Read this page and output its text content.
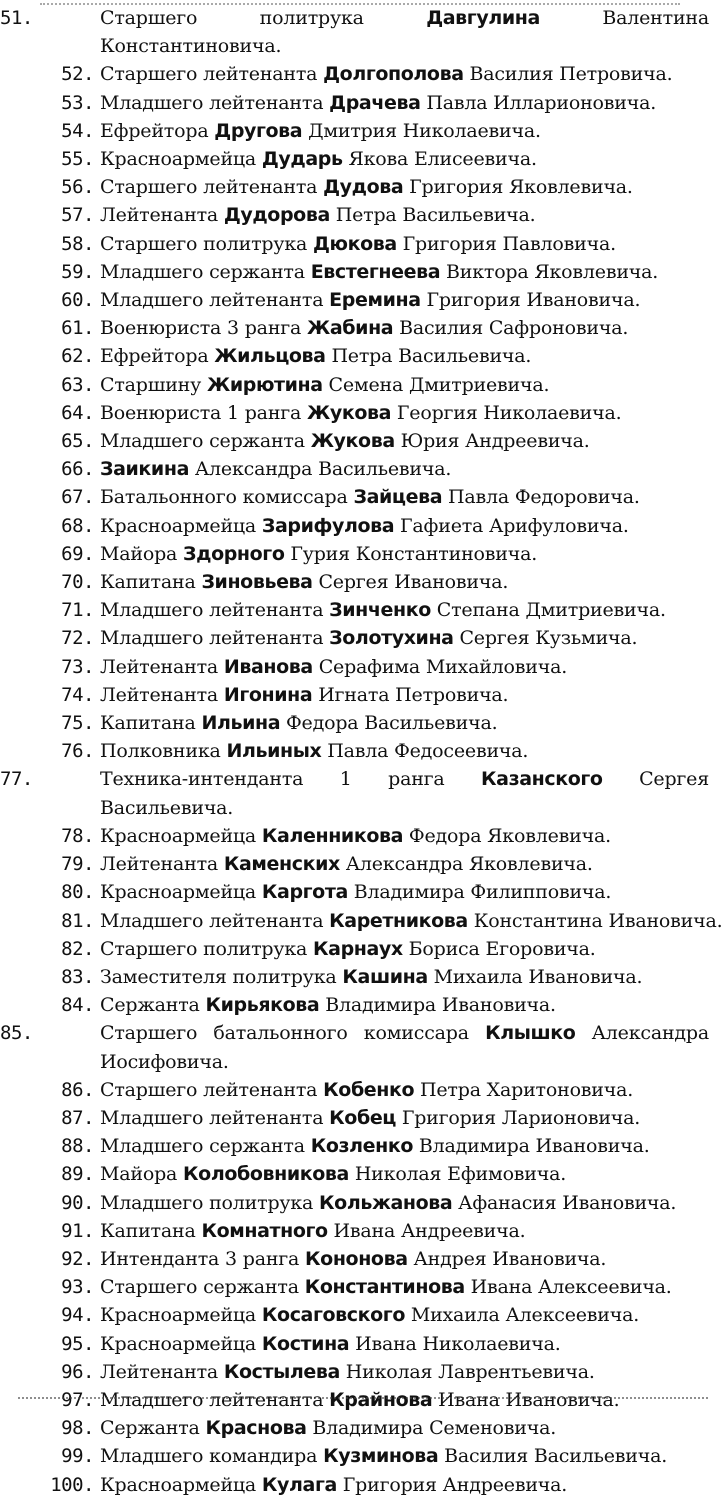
51.	Старшего политрука	Давгулина	Валентина Константиновича.
52. Старшего лейтенанта Долгополова Василия Петровича.
53. Младшего лейтенанта Драчева Павла Илларионовича.
54. Ефрейтора Другова Дмитрия Николаевича.
55. Красноармейца Дударь Якова Елисеевича.
56. Старшего лейтенанта Дудова Григория Яковлевича.
57. Лейтенанта Дудорова Петра Васильевича.
58. Старшего политрука Дюкова Григория Павловича.
59. Младшего сержанта Евстегнеева Виктора Яковлевича.
60. Младшего лейтенанта Еремина Григория Ивановича.
61. Военюриста 3 ранга Жабина Василия Сафроновича.
62. Ефрейтора Жильцова Петра Васильевича.
63. Старшину Жирютина Семена Дмитриевича.
64. Военюриста 1 ранга Жукова Георгия Николаевича.
65. Младшего сержанта Жукова Юрия Андреевича.
66. Заикина Александра Васильевича.
67. Батальонного комиссара Зайцева Павла Федоровича.
68. Красноармейца Зарифулова Гафиета Арифуловича.
69. Майора Здорного Гурия Константиновича.
70. Капитана Зиновьева Сергея Ивановича.
71. Младшего лейтенанта Зинченко Степана Дмитриевича.
72. Младшего лейтенанта Золотухина Сергея Кузьмича.
73. Лейтенанта Иванова Серафима Михайловича.
74. Лейтенанта Игонина Игната Петровича.
75. Капитана Ильина Федора Васильевича.
76. Полковника Ильиных Павла Федосеевича.
77.	Техника-интенданта 1 ранга Казанского Сергея Васильевича.
78. Красноармейца Каленникова Федора Яковлевича.
79. Лейтенанта Каменских Александра Яковлевича.
80. Красноармейца Каргота Владимира Филипповича.
81. Младшего лейтенанта Каретникова Константина Ивановича.
82. Старшего политрука Карнаух Бориса Егоровича.
83. Заместителя политрука Кашина Михаила Ивановича.
84. Сержанта Кирьякова Владимира Ивановича.
85.	Старшего батальонного комиссара Клышко Александра Иосифовича.
86. Старшего лейтенанта Кобенко Петра Харитоновича.
87. Младшего лейтенанта Кобец Григория Ларионовича.
88. Младшего сержанта Козленко Владимира Ивановича.
89. Майора Колобовникова Николая Ефимовича.
90. Младшего политрука Кольжанова Афанасия Ивановича.
91. Капитана Комнатного Ивана Андреевича.
92. Интенданта 3 ранга Кононова Андрея Ивановича.
93. Старшего сержанта Константинова Ивана Алексеевича.
94. Красноармейца Косаговского Михаила Алексеевича.
95. Красноармейца Костина Ивана Николаевича.
96. Лейтенанта Костылева Николая Лаврентьевича.
97. Младшего лейтенанта Крайнова Ивана Ивановича.
98. Сержанта Краснова Владимира Семеновича.
99. Младшего командира Кузминова Василия Васильевича.
100. Красноармейца Кулага Григория Андреевича.
